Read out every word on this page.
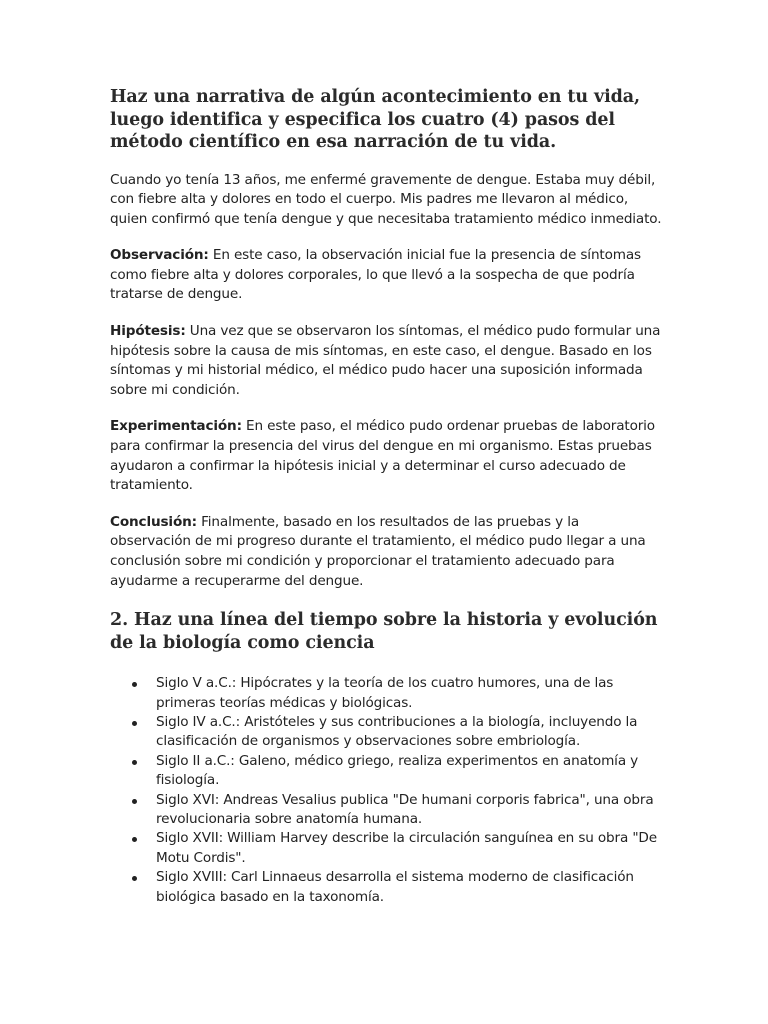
Haz una narrativa de algún acontecimiento en tu vida, luego identifica y especifica los cuatro (4) pasos del método científico en esa narración de tu vida.

Cuando yo tenía 13 años, me enfermé gravemente de dengue. Estaba muy débil, con fiebre alta y dolores en todo el cuerpo. Mis padres me llevaron al médico, quien confirmó que tenía dengue y que necesitaba tratamiento médico inmediato.

Observación: En este caso, la observación inicial fue la presencia de síntomas como fiebre alta y dolores corporales, lo que llevó a la sospecha de que podría tratarse de dengue.

Hipótesis: Una vez que se observaron los síntomas, el médico pudo formular una hipótesis sobre la causa de mis síntomas, en este caso, el dengue. Basado en los síntomas y mi historial médico, el médico pudo hacer una suposición informada sobre mi condición.

Experimentación: En este paso, el médico pudo ordenar pruebas de laboratorio para confirmar la presencia del virus del dengue en mi organismo. Estas pruebas ayudaron a confirmar la hipótesis inicial y a determinar el curso adecuado de tratamiento.

Conclusión: Finalmente, basado en los resultados de las pruebas y la observación de mi progreso durante el tratamiento, el médico pudo llegar a una conclusión sobre mi condición y proporcionar el tratamiento adecuado para ayudarme a recuperarme del dengue.

2. Haz una línea del tiempo sobre la historia y evolución de la biología como ciencia
Siglo V a.C.: Hipócrates y la teoría de los cuatro humores, una de las primeras teorías médicas y biológicas.
Siglo IV a.C.: Aristóteles y sus contribuciones a la biología, incluyendo la clasificación de organismos y observaciones sobre embriología.
Siglo II a.C.: Galeno, médico griego, realiza experimentos en anatomía y fisiología.
Siglo XVI: Andreas Vesalius publica "De humani corporis fabrica", una obra revolucionaria sobre anatomía humana.
Siglo XVII: William Harvey describe la circulación sanguínea en su obra "De Motu Cordis".
Siglo XVIII: Carl Linnaeus desarrolla el sistema moderno de clasificación biológica basado en la taxonomía.
